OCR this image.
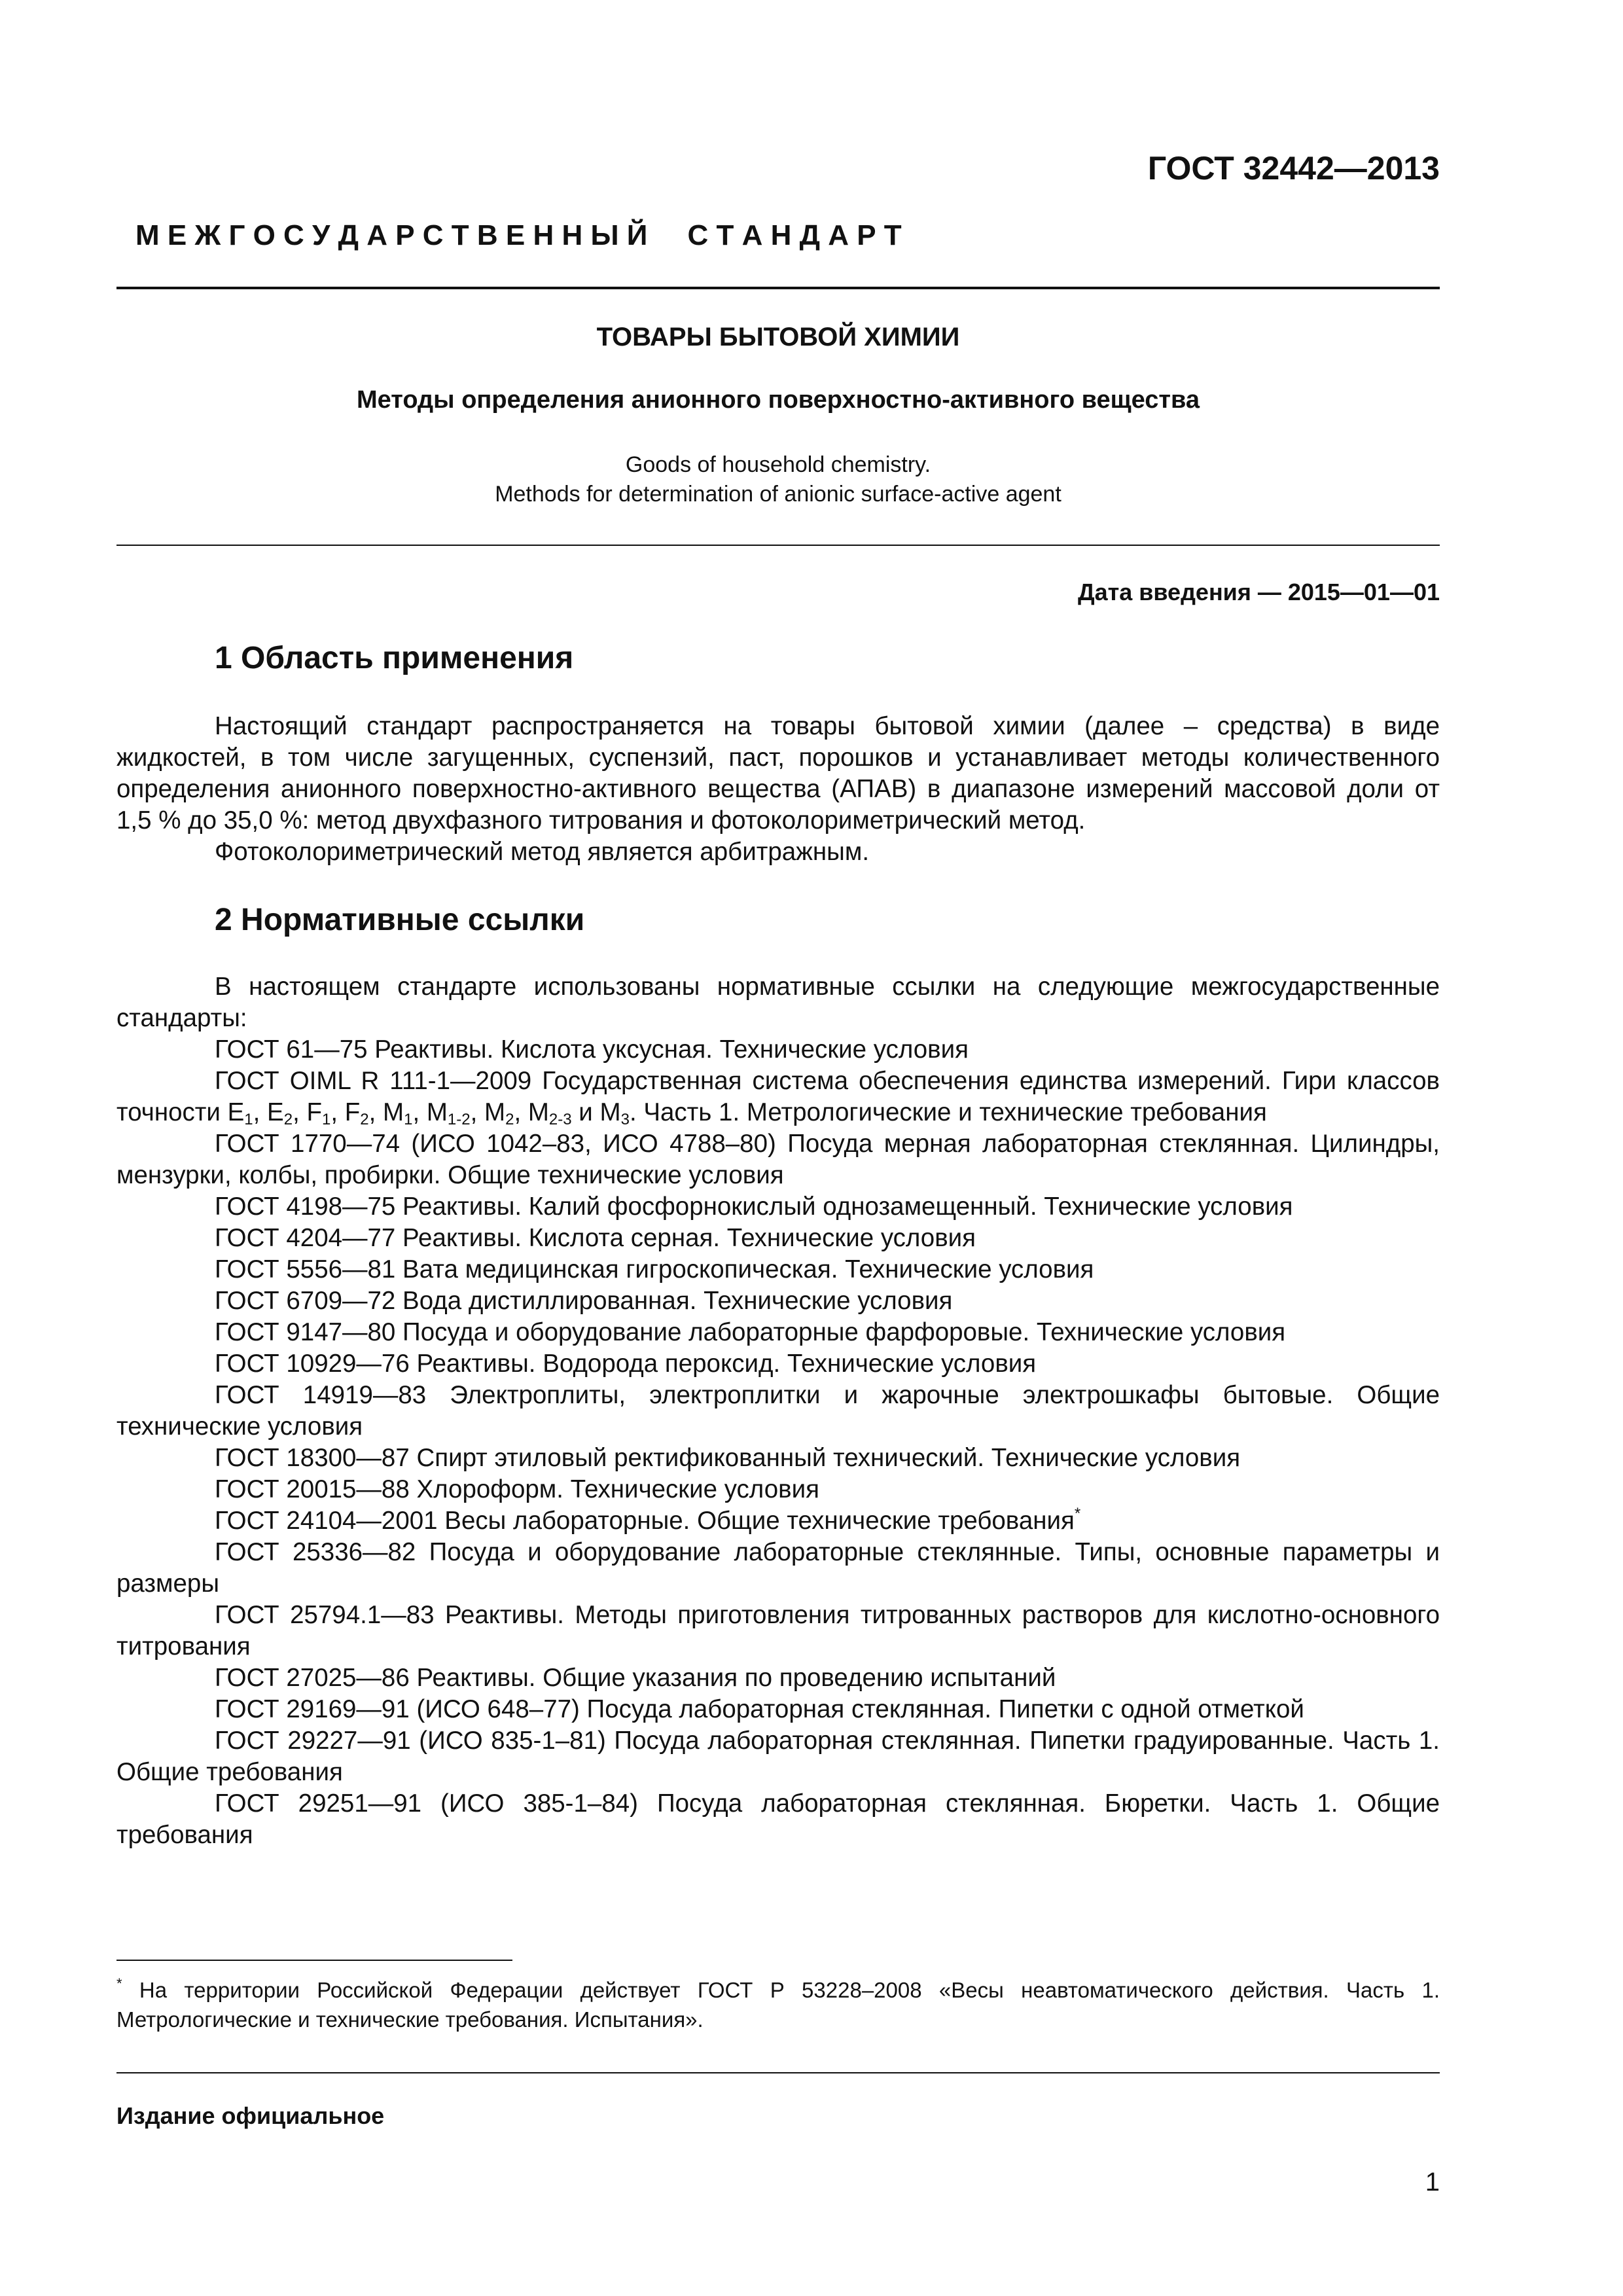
ГОСТ 32442—2013
М Е Ж Г О С У Д А Р С Т В Е Н Н Ы Й     С Т А Н Д А Р Т
ТОВАРЫ БЫТОВОЙ ХИМИИ
Методы определения анионного поверхностно-активного вещества
Goods of household chemistry.
Methods for determination of anionic surface-active agent
Дата введения — 2015—01—01
1 Область применения

Настоящий стандарт распространяется на товары бытовой химии (далее – средства) в виде жидкостей, в том числе загущенных, суспензий, паст, порошков и устанавливает методы количественного определения анионного поверхностно-активного вещества (АПАВ) в диапазоне измерений массовой доли от 1,5 % до 35,0 %: метод двухфазного титрования и фотоколориметрический метод.

Фотоколориметрический метод является арбитражным.

2 Нормативные ссылки

В настоящем стандарте использованы нормативные ссылки на следующие межгосударственные стандарты:

ГОСТ 61—75 Реактивы. Кислота уксусная. Технические условия

ГОСТ OIML R 111-1—2009 Государственная система обеспечения единства измерений. Гири классов точности $E_1$, $E_2$, $F_1$, $F_2$, $M_1$, $M_{1-2}$, $M_2$, $M_{2-3}$ и $M_3$. Часть 1. Метрологические и технические требования

ГОСТ 1770—74 (ИСО 1042–83, ИСО 4788–80) Посуда мерная лабораторная стеклянная. Цилиндры, мензурки, колбы, пробирки. Общие технические условия

ГОСТ 4198—75 Реактивы. Калий фосфорнокислый однозамещенный. Технические условия

ГОСТ 4204—77 Реактивы. Кислота серная. Технические условия

ГОСТ 5556—81 Вата медицинская гигроскопическая. Технические условия

ГОСТ 6709—72 Вода дистиллированная. Технические условия

ГОСТ 9147—80 Посуда и оборудование лабораторные фарфоровые. Технические условия

ГОСТ 10929—76 Реактивы. Водорода пероксид. Технические условия

ГОСТ 14919—83 Электроплиты, электроплитки и жарочные электрошкафы бытовые. Общие технические условия

ГОСТ 18300—87 Спирт этиловый ректификованный технический. Технические условия

ГОСТ 20015—88 Хлороформ. Технические условия

ГОСТ 24104—2001 Весы лабораторные. Общие технические требования*

ГОСТ 25336—82 Посуда и оборудование лабораторные стеклянные. Типы, основные параметры и размеры

ГОСТ 25794.1—83 Реактивы. Методы приготовления титрованных растворов для кислотно-основного титрования

ГОСТ 27025—86 Реактивы. Общие указания по проведению испытаний

ГОСТ 29169—91 (ИСО 648–77) Посуда лабораторная стеклянная. Пипетки с одной отметкой

ГОСТ 29227—91 (ИСО 835-1–81) Посуда лабораторная стеклянная. Пипетки градуированные. Часть 1. Общие требования

ГОСТ 29251—91 (ИСО 385-1–84) Посуда лабораторная стеклянная. Бюретки. Часть 1. Общие требования

* На территории Российской Федерации действует ГОСТ Р 53228–2008 «Весы неавтоматического действия. Часть 1. Метрологические и технические требования. Испытания».

Издание официальное
1
